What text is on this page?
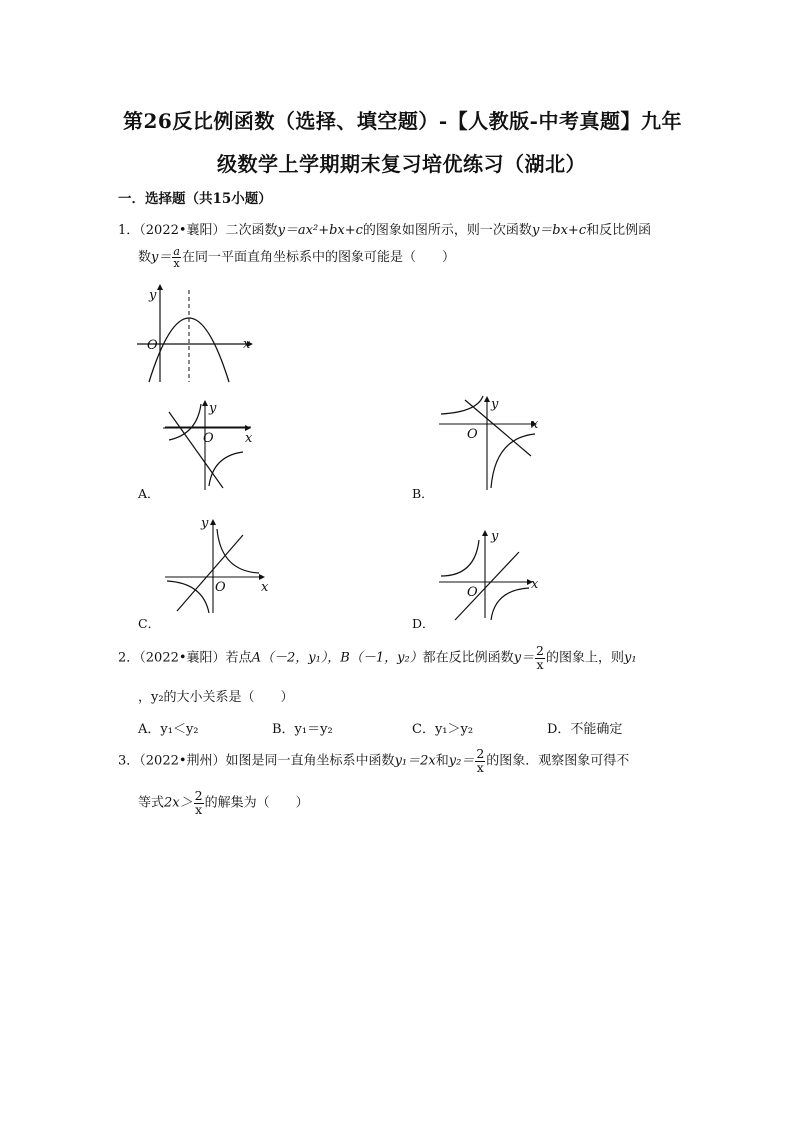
第26反比例函数（选择、填空题）-【人教版-中考真题】九年
级数学上学期期末复习培优练习（湖北）
一．选择题（共15小题）
1．（2022•襄阳）二次函数y＝ax²+bx+c的图象如图所示，则一次函数y＝bx+c和反比例函
数$y= \frac{a}{x}$ 在同一平面直角坐标系中的图象可能是（　　）
y
x
O
y
x
O
A．
y
x
O
B．
y
x
O
C．
y
x
O
D．
2．（2022•襄阳）若点A（－2，y₁），B（－1，y₂）都在反比例函数$y= \frac{2}{x}$ 的图象上，则y₁
，y₂的大小关系是（　　）
A．y₁＜y₂	B．y₁＝y₂	C．y₁＞y₂	D．不能确定
3．（2022•荆州）如图是同一直角坐标系中函数y₁＝2x和$y_2= \frac{2}{x}$ 的图象．观察图象可得不
等式$2x> \frac{2}{x}$ 的解集为（　　）
